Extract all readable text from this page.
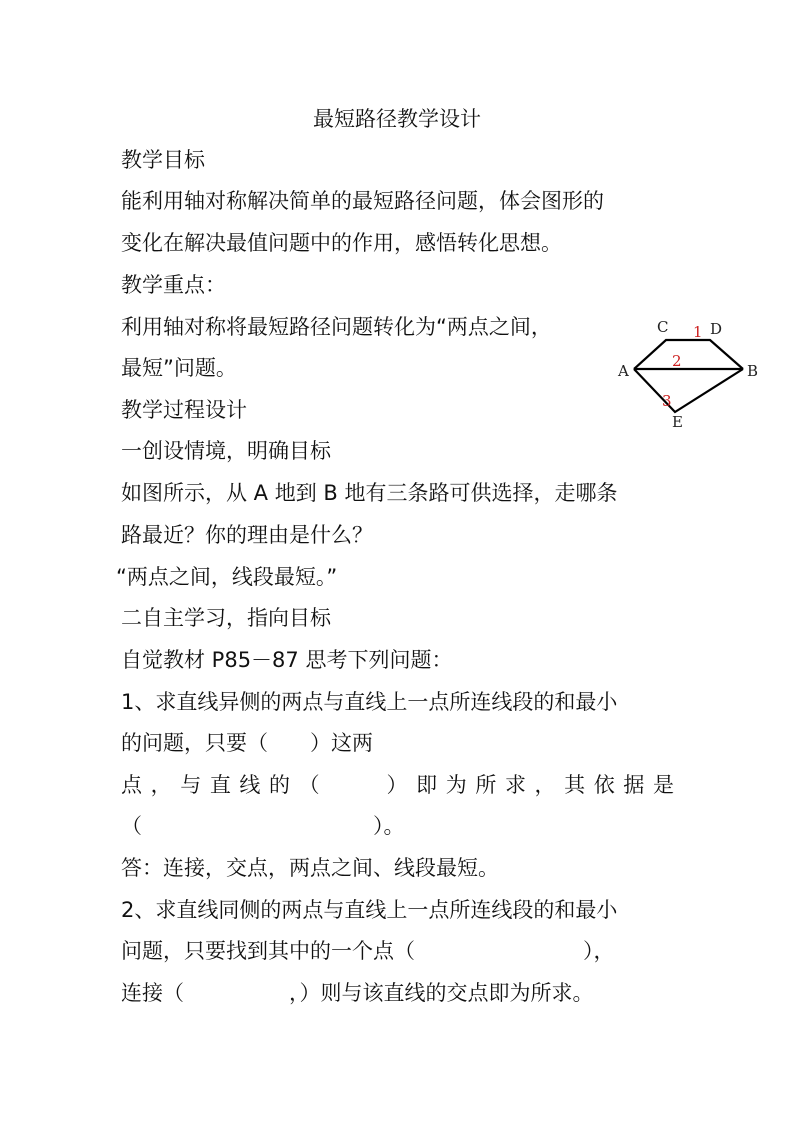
最短路径教学设计
教学目标
能利用轴对称解决简单的最短路径问题，体会图形的
变化在解决最值问题中的作用，感悟转化思想。
教学重点：
利用轴对称将最短路径问题转化为“两点之间，
最短”问题。
教学过程设计
一创设情境，明确目标
如图所示，从 A 地到 B 地有三条路可供选择，走哪条
路最近？你的理由是什么？
“两点之间，线段最短。”
二自主学习，指向目标
自觉教材 P85－87 思考下列问题：
1、求直线异侧的两点与直线上一点所连线段的和最小
的问题，只要（　　）这两
点 ， 与 直 线 的 （　　　） 即 为 所 求 ， 其 依 据 是
（　　　　　　　　　　　）。
答：连接，交点，两点之间、线段最短。
2、求直线同侧的两点与直线上一点所连线段的和最小
问题，只要找到其中的一个点（　　　　　　　　），
连接（　　　　　，）则与该直线的交点即为所求。
C	D
A	B
E
1
2
3
